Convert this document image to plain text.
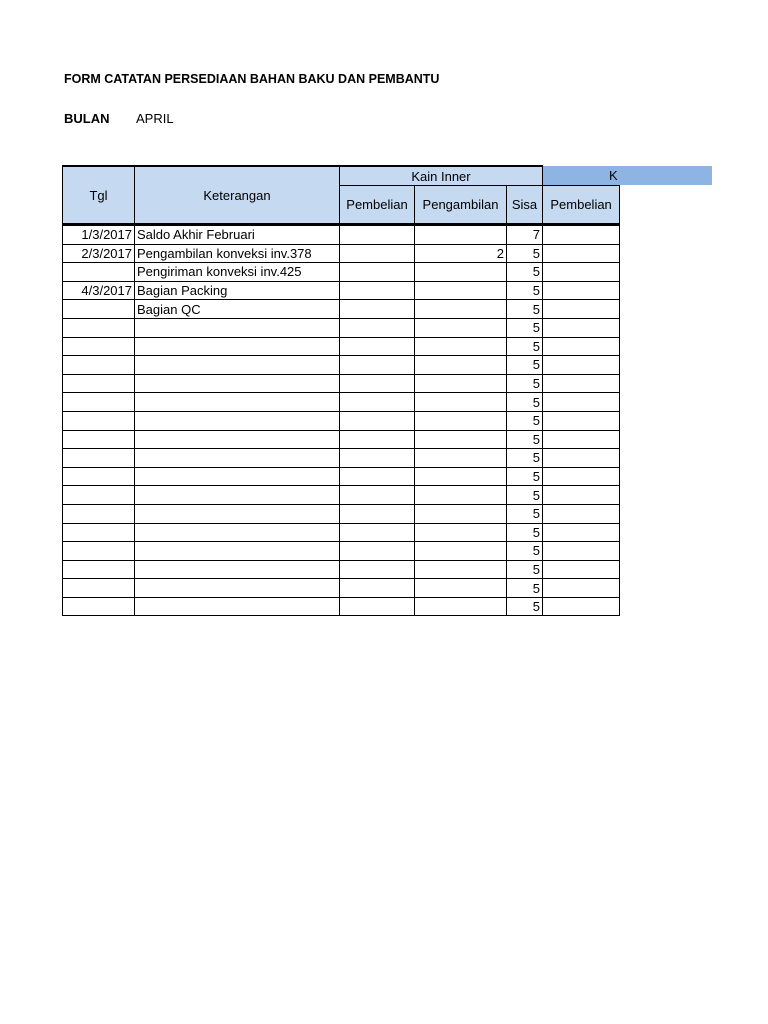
FORM CATATAN PERSEDIAAN BAHAN BAKU DAN PEMBANTU
BULAN APRIL
Tgl	Keterangan	Kain Inner			K
		Pembelian	Pengambilan	Sisa	Pembelian
1/3/2017	Saldo Akhir Februari			7	
2/3/2017	Pengambilan konveksi inv.378		2	5	
	Pengiriman konveksi inv.425			5	
4/3/2017	Bagian Packing			5	
	Bagian QC			5	
				5	
				5	
				5	
				5	
				5	
				5	
				5	
				5	
				5	
				5	
				5	
				5	
				5	
				5	
				5	
				5	
